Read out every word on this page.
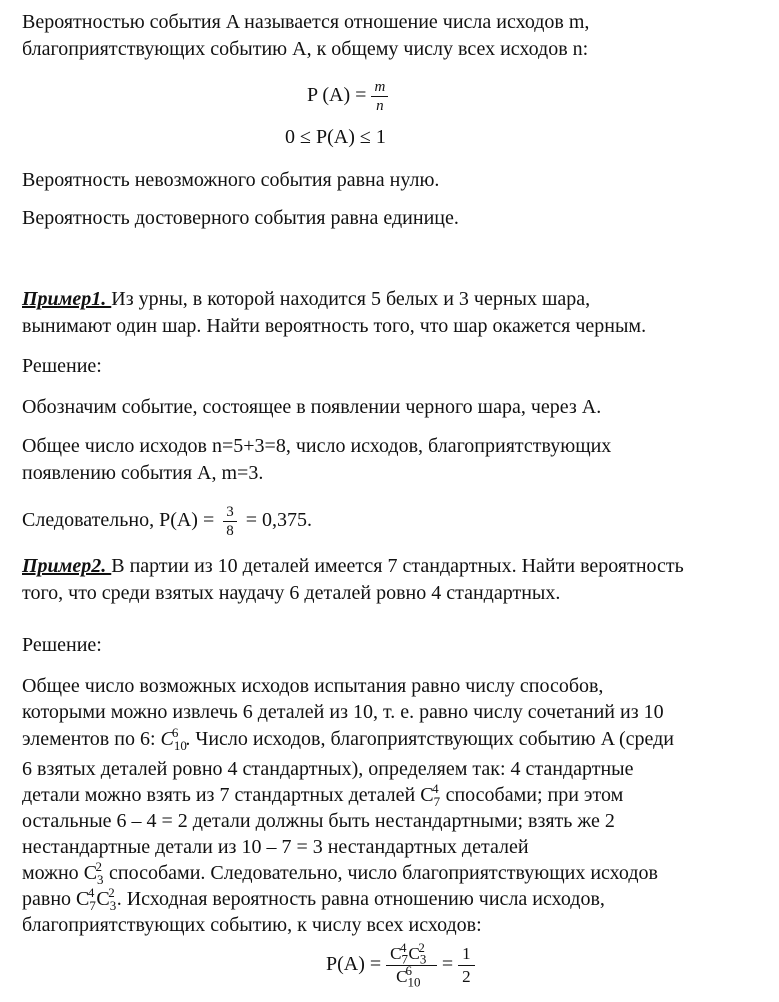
Вероятностью события A называется отношение числа исходов m,
благоприятствующих событию A, к общему числу всех исходов n:
P $(A) = \frac{m}{n}$
0 ≤ P(A) ≤ 1
Вероятность невозможного события равна нулю.
Вероятность достоверного события равна единице.
Пример1. Из урны, в которой находится 5 белых и 3 черных шара,
вынимают один шар. Найти вероятность того, что шар окажется черным.
Решение:
Обозначим событие, состоящее в появлении черного шара, через A.
Общее число исходов n=5+3=8, число исходов, благоприятствующих
появлению события A, m=3.
Следовательно, $P(A) = \frac{3}{8} = 0,375$.
Пример2. В партии из 10 деталей имеется 7 стандартных. Найти вероятность
того, что среди взятых наудачу 6 деталей ровно 4 стандартных.
Решение:
Общее число возможных исходов испытания равно числу способов,
которыми можно извлечь 6 деталей из 10, т. е. равно числу сочетаний из 10
элементов по 6: $C_{10}^6$ . Число исходов, благоприятствующих событию A (среди
6 взятых деталей ровно 4 стандартных), определяем так: 4 стандартные
детали можно взять из 7 стандартных деталей $C_7^4$ способами; при этом
остальные 6 – 4 = 2 детали должны быть нестандартными; взять же 2
нестандартные детали из 10 – 7 = 3 нестандартных деталей
можно $C_3^2$ способами. Следовательно, число благоприятствующих исходов
равно $C_7^4$ $C_3^2$ . Исходная вероятность равна отношению числа исходов,
благоприятствующих событию, к числу всех исходов:
$P(A) = \frac{C_7^4 C_3^2}{C_{10}^6} = \frac{1}{2}$
